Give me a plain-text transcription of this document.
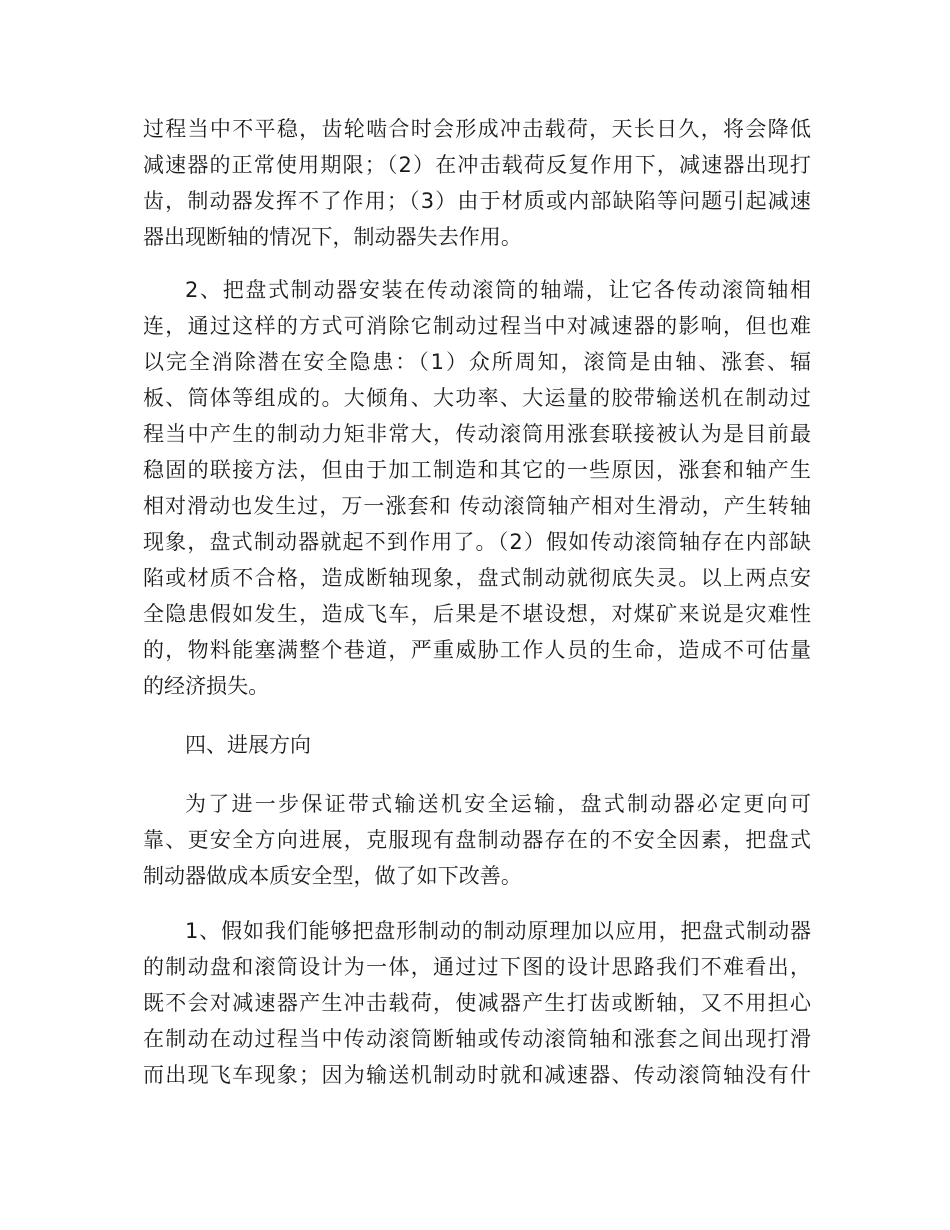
过程当中不平稳，齿轮啮合时会形成冲击载荷，天长日久，将会降低
减速器的正常使用期限；（2）在冲击载荷反复作用下，减速器出现打
齿，制动器发挥不了作用；（3）由于材质或内部缺陷等问题引起减速
器出现断轴的情况下，制动器失去作用。
2、把盘式制动器安装在传动滚筒的轴端，让它各传动滚筒轴相
连，通过这样的方式可消除它制动过程当中对减速器的影响，但也难
以完全消除潜在安全隐患：（1）众所周知，滚筒是由轴、涨套、辐
板、筒体等组成的。大倾角、大功率、大运量的胶带输送机在制动过
程当中产生的制动力矩非常大，传动滚筒用涨套联接被认为是目前最
稳固的联接方法，但由于加工制造和其它的一些原因，涨套和轴产生
相对滑动也发生过，万一涨套和 传动滚筒轴产相对生滑动，产生转轴
现象，盘式制动器就起不到作用了。（2）假如传动滚筒轴存在内部缺
陷或材质不合格，造成断轴现象，盘式制动就彻底失灵。以上两点安
全隐患假如发生，造成飞车，后果是不堪设想，对煤矿来说是灾难性
的，物料能塞满整个巷道，严重威胁工作人员的生命，造成不可估量
的经济损失。
四、进展方向
为了进一步保证带式输送机安全运输，盘式制动器必定更向可
靠、更安全方向进展，克服现有盘制动器存在的不安全因素，把盘式
制动器做成本质安全型，做了如下改善。
1、假如我们能够把盘形制动的制动原理加以应用，把盘式制动器
的制动盘和滚筒设计为一体，通过过下图的设计思路我们不难看出，
既不会对减速器产生冲击载荷，使减器产生打齿或断轴，又不用担心
在制动在动过程当中传动滚筒断轴或传动滚筒轴和涨套之间出现打滑
而出现飞车现象；因为输送机制动时就和减速器、传动滚筒轴没有什
